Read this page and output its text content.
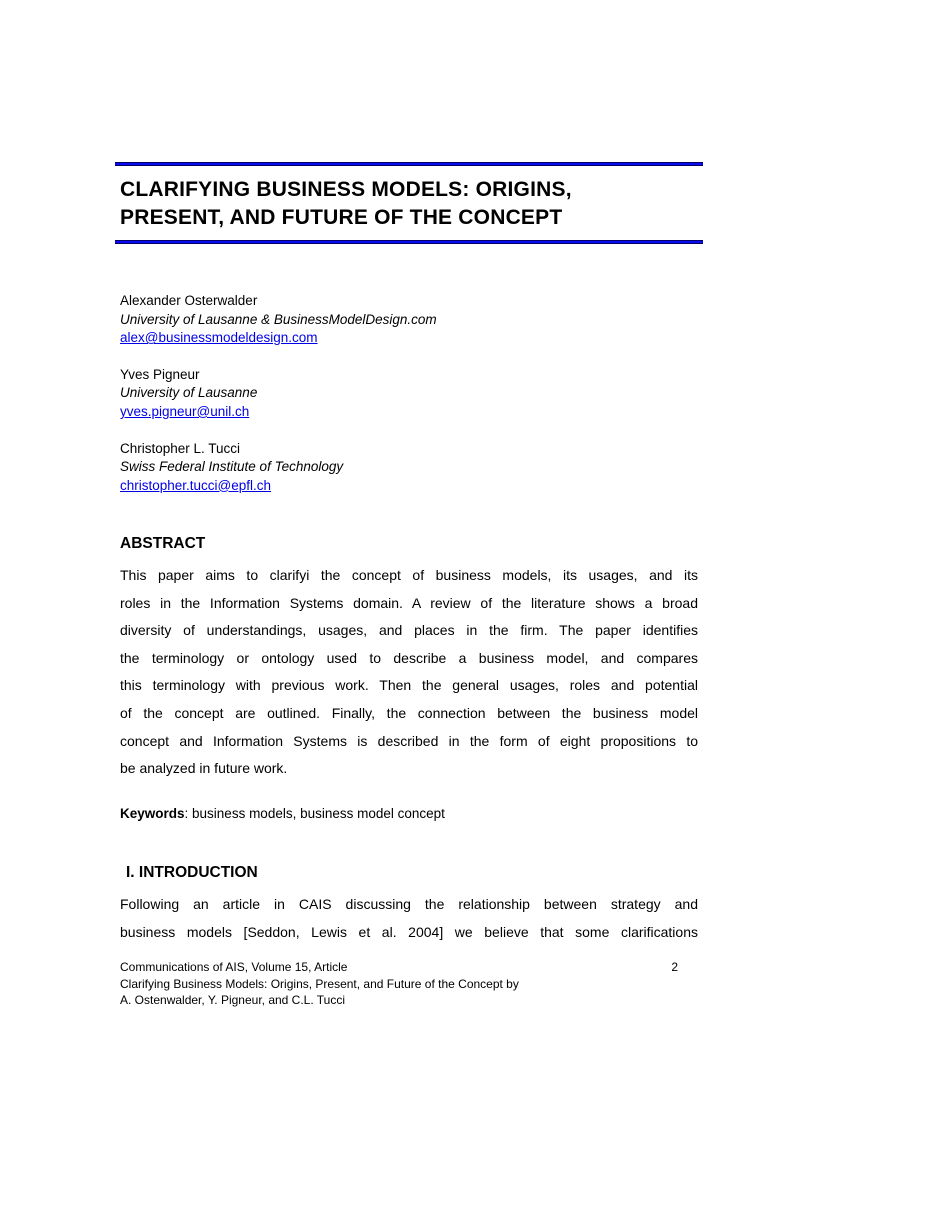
CLARIFYING BUSINESS MODELS: ORIGINS,
PRESENT, AND FUTURE OF THE CONCEPT
Alexander Osterwalder
University of Lausanne & BusinessModelDesign.com
alex@businessmodeldesign.com
Yves Pigneur
University of Lausanne
yves.pigneur@unil.ch
Christopher L. Tucci
Swiss Federal Institute of Technology
christopher.tucci@epfl.ch
ABSTRACT
This paper aims to clarifyi the concept of business models, its usages, and its
roles in the Information Systems domain. A review of the literature shows a broad
diversity of understandings, usages, and places in the firm. The paper identifies
the terminology or ontology used to describe a business model, and compares
this terminology with previous work. Then the general usages, roles and potential
of the concept are outlined. Finally, the connection between the business model
concept and Information Systems is described in the form of eight propositions to
be analyzed in future work.
Keywords: business models, business model concept
I. INTRODUCTION
Following an article in CAIS discussing the relationship between strategy and
business models [Seddon, Lewis et al. 2004] we believe that some clarifications
Communications of AIS, Volume 15, Article
Clarifying Business Models: Origins, Present, and Future of the Concept by
A. Ostenwalder, Y. Pigneur, and C.L. Tucci
2
